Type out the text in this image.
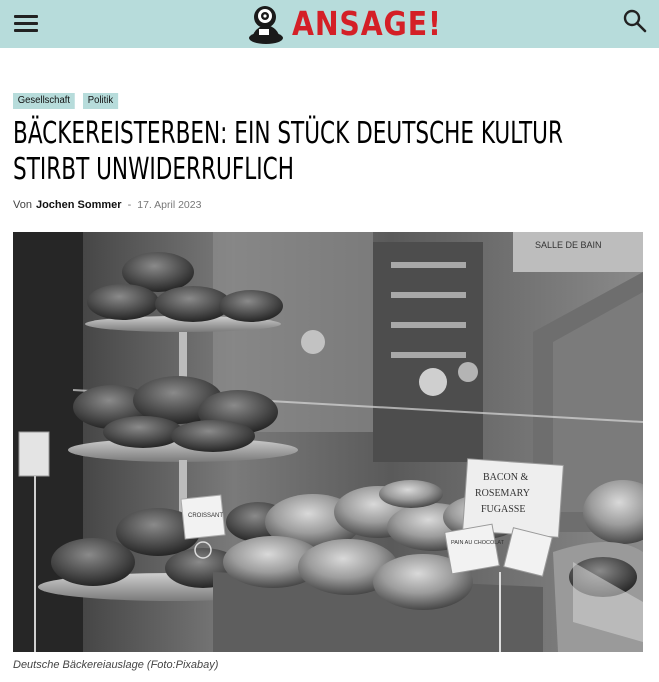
ANSAGE!
Gesellschaft	Politik
BÄCKEREISTERBEN: EIN STÜCK DEUTSCHE KULTUR
STIRBT UNWIDERRUFLICH
Von Jochen Sommer - 17. April 2023
SALLE DE BAIN
CROISSANT
BACON &
ROSEMARY
FUGASSE
PAIN AU CHOCOLAT
Deutsche Bäckereiauslage (Foto:Pixabay)
